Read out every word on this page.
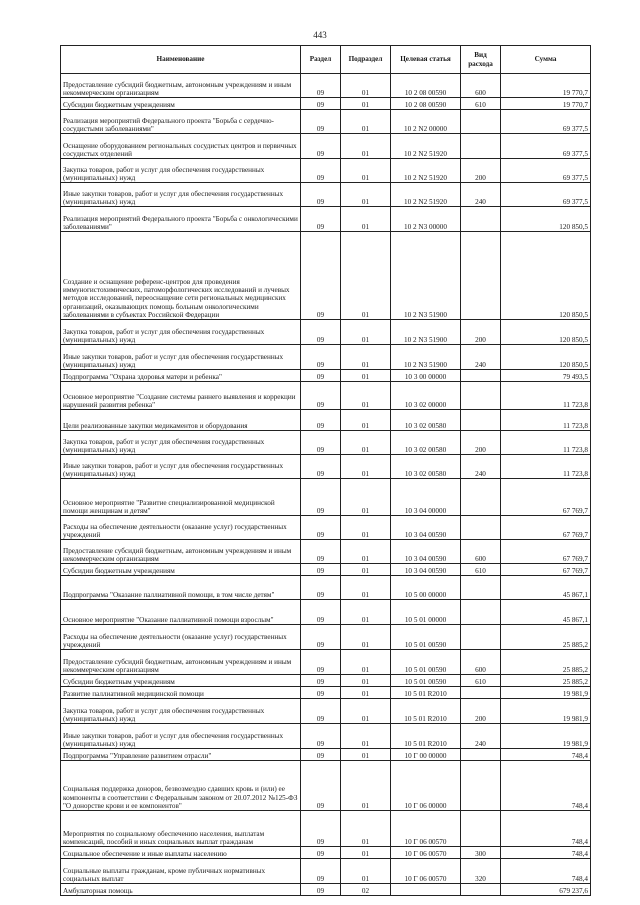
443
Наименование	Раздел	Подраздел	Целевая статья	Вид расхода	Сумма
Предоставление субсидий бюджетным, автономным учреждениям и иным некоммерческим организациям	09	01	10 2 08 00590	600	19 770,7
Субсидии бюджетным учреждениям	09	01	10 2 08 00590	610	19 770,7
Реализация мероприятий Федерального проекта "Борьба с сердечно-сосудистыми заболеваниями"	09	01	10 2 N2 00000		69 377,5
Оснащение оборудованием региональных сосудистых центров и первичных сосудистых отделений	09	01	10 2 N2 51920		69 377,5
Закупка товаров, работ и услуг для обеспечения государственных (муниципальных) нужд	09	01	10 2 N2 51920	200	69 377,5
Иные закупки товаров, работ и услуг для обеспечения государственных (муниципальных) нужд	09	01	10 2 N2 51920	240	69 377,5
Реализация мероприятий Федерального проекта "Борьба с онкологическими заболеваниями"	09	01	10 2 N3 00000		120 850,5
Создание и оснащение референс-центров для проведения иммуногистохимических, патоморфологических исследований и лучевых методов исследований, переоснащение сети региональных медицинских организаций, оказывающих помощь больным онкологическими заболеваниями в субъектах Российской Федерации	09	01	10 2 N3 51900		120 850,5
Закупка товаров, работ и услуг для обеспечения государственных (муниципальных) нужд	09	01	10 2 N3 51900	200	120 850,5
Иные закупки товаров, работ и услуг для обеспечения государственных (муниципальных) нужд	09	01	10 2 N3 51900	240	120 850,5
Подпрограмма "Охрана здоровья матери и ребенка"	09	01	10 3 00 00000		79 493,5
Основное мероприятие "Создание системы раннего выявления и коррекции нарушений развития ребенка"	09	01	10 3 02 00000		11 723,8
Цели реализованные закупки медикаментов и оборудования	09	01	10 3 02 00580		11 723,8
Закупка товаров, работ и услуг для обеспечения государственных (муниципальных) нужд	09	01	10 3 02 00580	200	11 723,8
Иные закупки товаров, работ и услуг для обеспечения государственных (муниципальных) нужд	09	01	10 3 02 00580	240	11 723,8
Основное мероприятие "Развитие специализированной медицинской помощи женщинам и детям"	09	01	10 3 04 00000		67 769,7
Расходы на обеспечение деятельности (оказание услуг) государственных учреждений	09	01	10 3 04 00590		67 769,7
Предоставление субсидий бюджетным, автономным учреждениям и иным некоммерческим организациям	09	01	10 3 04 00590	600	67 769,7
Субсидии бюджетным учреждениям	09	01	10 3 04 00590	610	67 769,7
Подпрограмма "Оказание паллиативной помощи, в том числе детям"	09	01	10 5 00 00000		45 867,1
Основное мероприятие "Оказание паллиативной помощи взрослым"	09	01	10 5 01 00000		45 867,1
Расходы на обеспечение деятельности (оказание услуг) государственных учреждений	09	01	10 5 01 00590		25 885,2
Предоставление субсидий бюджетным, автономным учреждениям и иным некоммерческим организациям	09	01	10 5 01 00590	600	25 885,2
Субсидии бюджетным учреждениям	09	01	10 5 01 00590	610	25 885,2
Развитие паллиативной медицинской помощи	09	01	10 5 01 R2010		19 981,9
Закупка товаров, работ и услуг для обеспечения государственных (муниципальных) нужд	09	01	10 5 01 R2010	200	19 981,9
Иные закупки товаров, работ и услуг для обеспечения государственных (муниципальных) нужд	09	01	10 5 01 R2010	240	19 981,9
Подпрограмма "Управление развитием отрасли"	09	01	10 Г 00 00000		748,4
Социальная поддержка доноров, безвозмездно сдавших кровь и (или) ее компоненты в соответствии с Федеральным законом от 20.07.2012 №125-ФЗ "О донорстве крови и ее компонентов"	09	01	10 Г 06 00000		748,4
Мероприятия по социальному обеспечению населения, выплатам компенсаций, пособий и иных социальных выплат гражданам	09	01	10 Г 06 00570		748,4
Социальное обеспечение и иные выплаты населению	09	01	10 Г 06 00570	300	748,4
Социальные выплаты гражданам, кроме публичных нормативных социальных выплат	09	01	10 Г 06 00570	320	748,4
Амбулаторная помощь	09	02			679 237,6
